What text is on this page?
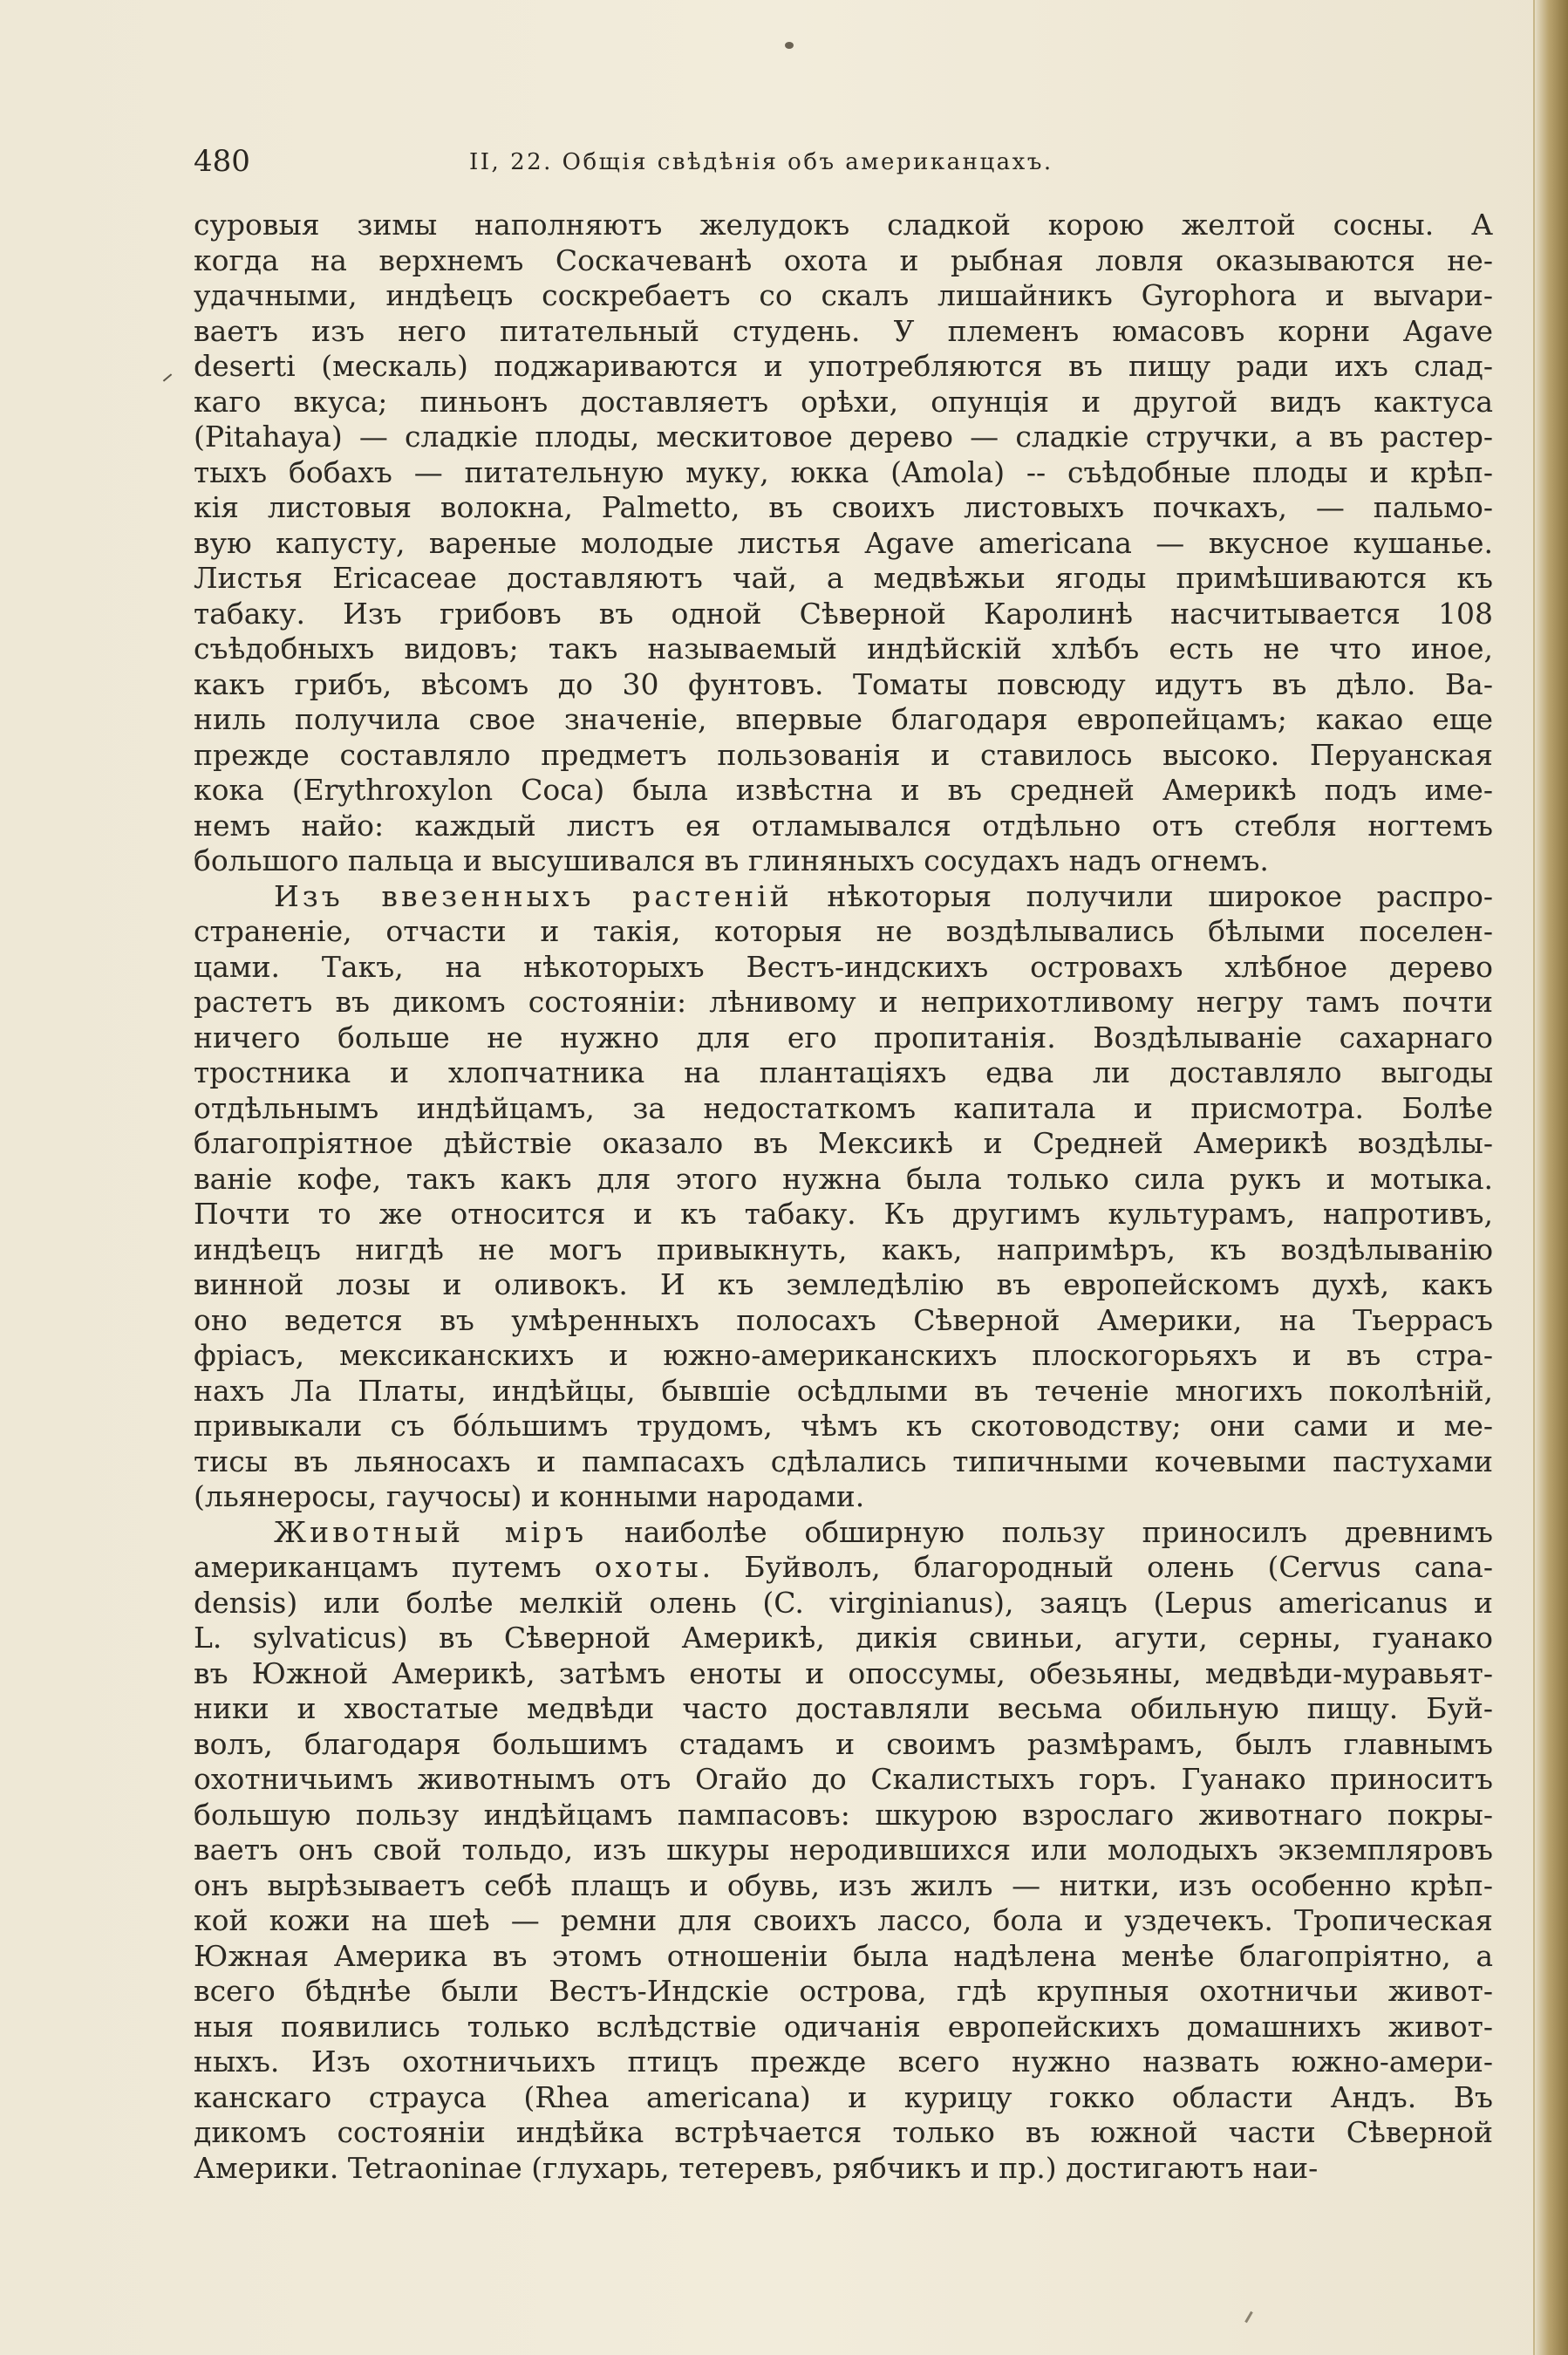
480	II, 22. Общія свѣдѣнія объ американцахъ.

суровыя зимы наполняютъ желудокъ сладкой корою желтой сосны. А

когда на верхнемъ Соскачеванѣ охота и рыбная ловля оказываются не-

удачными, индѣецъ соскребаетъ со скалъ лишайникъ Gyrophora и выvари-

ваетъ изъ него питательный студень. У племенъ юмасовъ корни Agave

deserti (мескаль) поджариваются и употребляются въ пищу ради ихъ слад-

каго вкуса; пиньонъ доставляетъ орѣхи, опунція и другой видъ кактуса

(Pitahaya) — сладкіе плоды, мескитовое дерево — сладкіе стручки, а въ растер-

тыхъ бобахъ — питательную муку, юкка (Amola) -- съѣдобные плоды и крѣп-

кія листовыя волокна, Palmetto, въ своихъ листовыхъ почкахъ, — пальмо-

вую капусту, вареные молодые листья Agave americana — вкусное кушанье.

Листья Ericaceae доставляютъ чай, а медвѣжьи ягоды примѣшиваются къ

табаку. Изъ грибовъ въ одной Сѣверной Каролинѣ насчитывается 108

съѣдобныхъ видовъ; такъ называемый индѣйскій хлѣбъ есть не что иное,

какъ грибъ, вѣсомъ до 30 фунтовъ. Томаты повсюду идутъ въ дѣло. Ва-

ниль получила свое значеніе, впервые благодаря европейцамъ; какао еще

прежде составляло предметъ пользованія и ставилось высоко. Перуанская

кока (Erythroxylon Coca) была извѣстна и въ средней Америкѣ подъ име-

немъ найо: каждый листъ ея отламывался отдѣльно отъ стебля ногтемъ

большого пальца и высушивался въ глиняныхъ сосудахъ надъ огнемъ.

Изъ ввезенныхъ растеній нѣкоторыя получили широкое распро-

страненіе, отчасти и такія, которыя не воздѣлывались бѣлыми поселен-

цами. Такъ, на нѣкоторыхъ Вестъ-индскихъ островахъ хлѣбное дерево

растетъ въ дикомъ состояніи: лѣнивому и неприхотливому негру тамъ почти

ничего больше не нужно для его пропитанія. Воздѣлываніе сахарнаго

тростника и хлопчатника на плантаціяхъ едва ли доставляло выгоды

отдѣльнымъ индѣйцамъ, за недостаткомъ капитала и присмотра. Болѣе

благопріятное дѣйствіе оказало въ Мексикѣ и Средней Америкѣ воздѣлы-

ваніе кофе, такъ какъ для этого нужна была только сила рукъ и мотыка.

Почти то же относится и къ табаку. Къ другимъ культурамъ, напротивъ,

индѣецъ нигдѣ не могъ привыкнуть, какъ, напримѣръ, къ воздѣлыванію

винной лозы и оливокъ. И къ земледѣлію въ европейскомъ духѣ, какъ

оно ведется въ умѣренныхъ полосахъ Сѣверной Америки, на Тьеррасъ

фріасъ, мексиканскихъ и южно-американскихъ плоскогорьяхъ и въ стра-

нахъ Ла Платы, индѣйцы, бывшіе осѣдлыми въ теченіе многихъ поколѣній,

привыкали съ бо́льшимъ трудомъ, чѣмъ къ скотоводству; они сами и ме-

тисы въ льяносахъ и пампасахъ сдѣлались типичными кочевыми пастухами

(льянеросы, гаучосы) и конными народами.

Животный міръ наиболѣе обширную пользу приносилъ древнимъ

американцамъ путемъ охоты. Буйволъ, благородный олень (Cervus cana-

densis) или болѣе мелкій олень (C. virginianus), заяцъ (Lepus americanus и

L. sylvaticus) въ Сѣверной Америкѣ, дикія свиньи, агути, серны, гуанако

въ Южной Америкѣ, затѣмъ еноты и опоссумы, обезьяны, медвѣди-муравьят-

ники и хвостатые медвѣди часто доставляли весьма обильную пищу. Буй-

волъ, благодаря большимъ стадамъ и своимъ размѣрамъ, былъ главнымъ

охотничьимъ животнымъ отъ Огайо до Скалистыхъ горъ. Гуанако приноситъ

большую пользу индѣйцамъ пампасовъ: шкурою взрослаго животнаго покры-

ваетъ онъ свой тольдо, изъ шкуры неродившихся или молодыхъ экземпляровъ

онъ вырѣзываетъ себѣ плащъ и обувь, изъ жилъ — нитки, изъ особенно крѣп-

кой кожи на шеѣ — ремни для своихъ лассо, бола и уздечекъ. Тропическая

Южная Америка въ этомъ отношеніи была надѣлена менѣе благопріятно, а

всего бѣднѣе были Вестъ-Индскіе острова, гдѣ крупныя охотничьи живот-

ныя появились только вслѣдствіе одичанія европейскихъ домашнихъ живот-

ныхъ. Изъ охотничьихъ птицъ прежде всего нужно назвать южно-амери-

канскаго страуса (Rhea americana) и курицу гокко области Андъ. Въ

дикомъ состояніи индѣйка встрѣчается только въ южной части Сѣверной

Америки. Tetraoninae (глухарь, тетеревъ, рябчикъ и пр.) достигаютъ наи-
